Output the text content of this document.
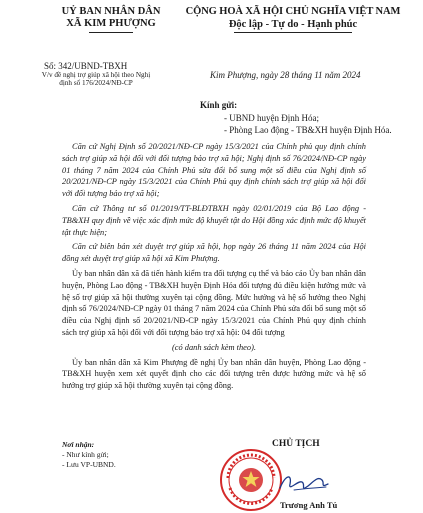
UỶ BAN NHÂN DÂN
XÃ KIM PHƯỢNG
CỘNG HOÀ XÃ HỘI CHỦ NGHĨA VIỆT NAM
Độc lập - Tự do - Hạnh phúc
Số: 342/UBND-TBXH
V/v đề nghị trợ giúp xã hội theo Nghị định số 176/2024/NĐ-CP
Kim Phượng, ngày 28 tháng 11 năm 2024
Kính gửi:
- UBND huyện Định Hóa;
- Phòng Lao động - TB&XH huyện Định Hóa.

Căn cứ Nghị Định số 20/2021/NĐ-CP ngày 15/3/2021 của Chính phủ quy định chính sách trợ giúp xã hội đối với đối tượng bảo trợ xã hội; Nghị định số 76/2024/NĐ-CP ngày 01 tháng 7 năm 2024 của Chính Phủ sửa đổi bổ sung một số điều của Nghị định số 20/2021/NĐ-CP ngày 15/3/2021 của Chính Phủ quy định chính sách trợ giúp xã hội đối với đối tượng bảo trợ xã hội;

Căn cứ Thông tư số 01/2019/TT-BLĐTBXH ngày 02/01/2019 của Bộ Lao động - TB&XH quy định về việc xác định mức độ khuyết tật do Hội đồng xác định mức độ khuyết tật thực hiện;

Căn cứ biên bản xét duyệt trợ giúp xã hội, họp ngày 26 tháng 11 năm 2024 của Hội đồng xét duyệt trợ giúp xã hội xã Kim Phượng.

Ủy ban nhân dân xã đã tiến hành kiểm tra đối tượng cụ thể và báo cáo Ủy ban nhân dân huyện, Phòng Lao động - TB&XH huyện Định Hóa đối tượng đủ điều kiện hưởng mức và hệ số trợ giúp xã hội thường xuyên tại cộng đồng. Mức hưởng và hệ số hưởng theo Nghị định số 76/2024/NĐ-CP ngày 01 tháng 7 năm 2024 của Chính Phủ sửa đổi bổ sung một số điều của Nghị định số 20/2021/NĐ-CP ngày 15/3/2021 của Chính Phủ quy định chính sách trợ giúp xã hội đối với đối tượng bảo trợ xã hội: 04 đối tượng

(có danh sách kèm theo).

Ủy ban nhân dân xã Kim Phượng đề nghị Ủy ban nhân dân huyện, Phòng Lao động - TB&XH huyện xem xét quyết định cho các đối tượng trên được hưởng mức và hệ số hưởng trợ giúp xã hội thường xuyên tại cộng đồng.

Nơi nhận:
- Như kính gửi;
- Lưu VP-UBND.
CHỦ TỊCH
Trương Anh Tú
